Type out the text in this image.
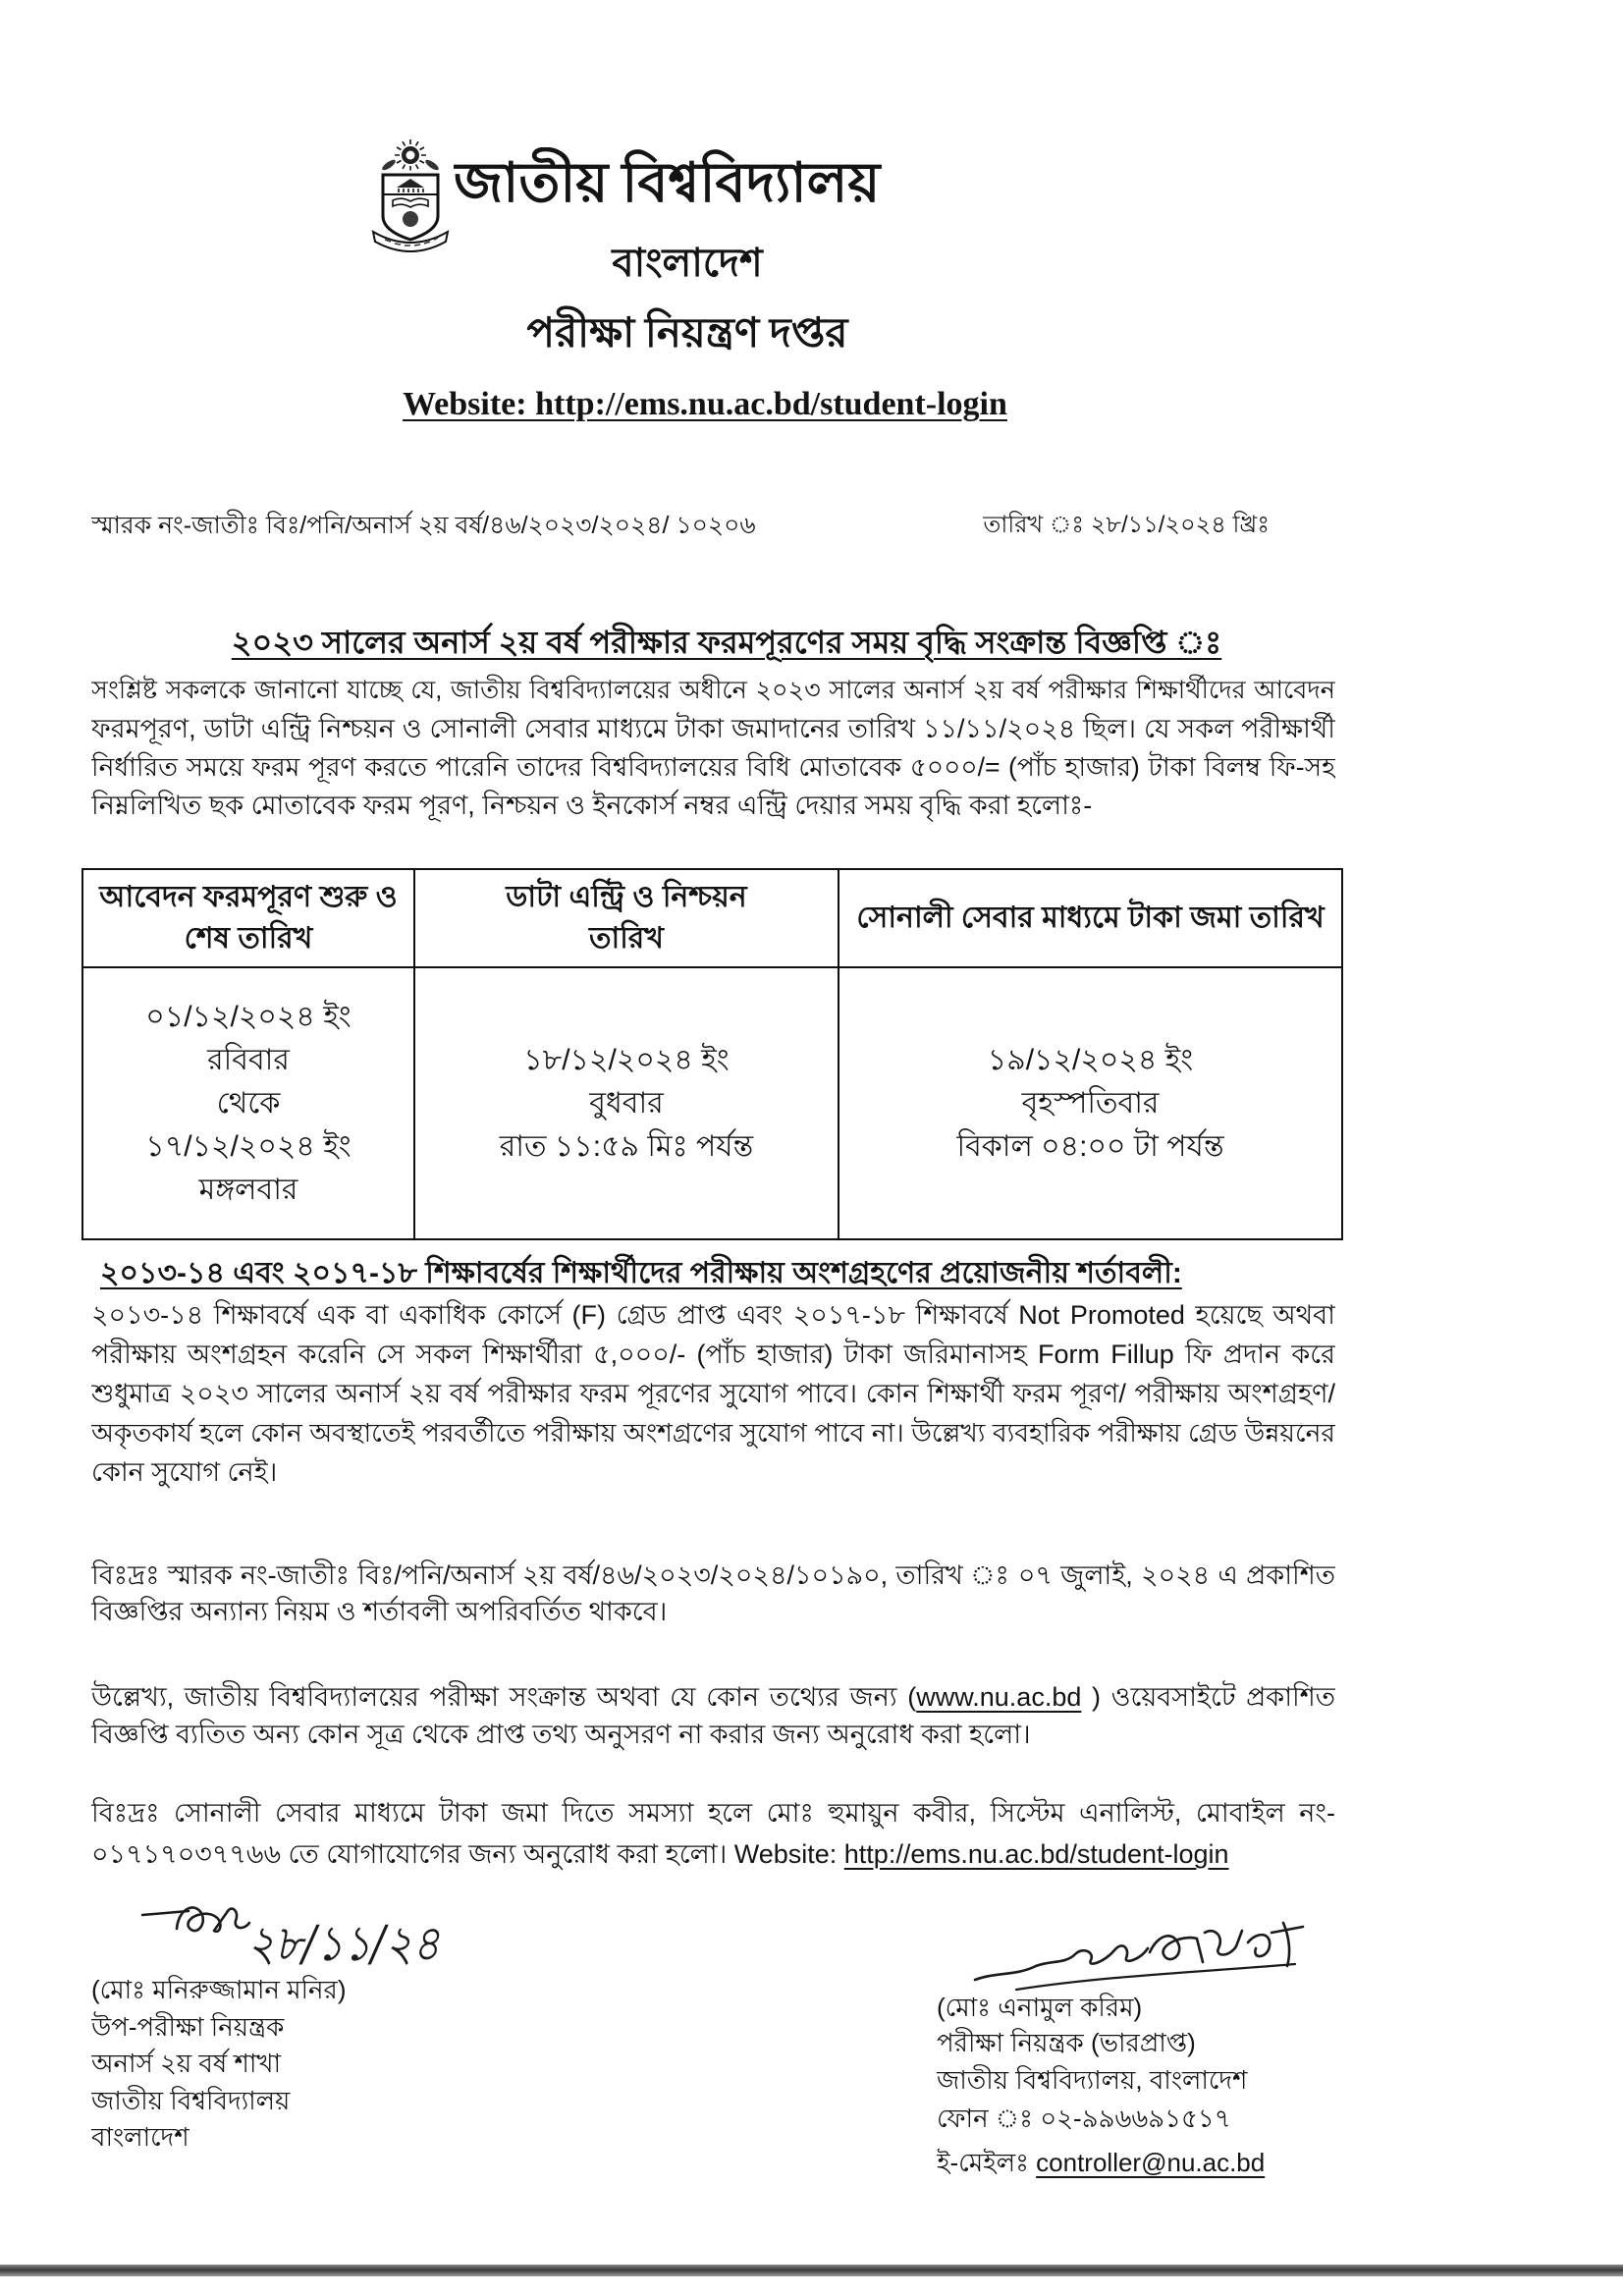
জাতীয় বিশ্ববিদ্যালয়
বাংলাদেশ
পরীক্ষা নিয়ন্ত্রণ দপ্তর
Website: http://ems.nu.ac.bd/student-login
স্মারক নং-জাতীঃ বিঃ/পনি/অনার্স ২য় বর্ষ/৪৬/২০২৩/২০২৪/ ১০২০৬	তারিখ ঃ ২৮/১১/২০২৪ খ্রিঃ
২০২৩ সালের অনার্স ২য় বর্ষ পরীক্ষার ফরমপূরণের সময় বৃদ্ধি সংক্রান্ত বিজ্ঞপ্তি ঃ
সংশ্লিষ্ট সকলকে জানানো যাচ্ছে যে, জাতীয় বিশ্ববিদ্যালয়ের অধীনে ২০২৩ সালের অনার্স ২য় বর্ষ পরীক্ষার শিক্ষার্থীদের আবেদন
ফরমপূরণ, ডাটা এন্ট্রি নিশ্চয়ন ও সোনালী সেবার মাধ্যমে টাকা জমাদানের তারিখ ১১/১১/২০২৪ ছিল। যে সকল পরীক্ষার্থী
নির্ধারিত সময়ে ফরম পূরণ করতে পারেনি তাদের বিশ্ববিদ্যালয়ের বিধি মোতাবেক ৫০০০/= (পাঁচ হাজার) টাকা বিলম্ব ফি-সহ
নিম্নলিখিত ছক মোতাবেক ফরম পূরণ, নিশ্চয়ন ও ইনকোর্স নম্বর এন্ট্রি দেয়ার সময় বৃদ্ধি করা হলোঃ-
আবেদন ফরমপূরণ শুরু ও
শেষ তারিখ
ডাটা এন্ট্রি ও নিশ্চয়ন
তারিখ
সোনালী সেবার মাধ্যমে টাকা জমা তারিখ
০১/১২/২০২৪ ইং
রবিবার
থেকে
১৭/১২/২০২৪ ইং
মঙ্গলবার
১৮/১২/২০২৪ ইং
বুধবার
রাত ১১:৫৯ মিঃ পর্যন্ত
১৯/১২/২০২৪ ইং
বৃহস্পতিবার
বিকাল ০৪:০০ টা পর্যন্ত
২০১৩-১৪ এবং ২০১৭-১৮ শিক্ষাবর্ষের শিক্ষার্থীদের পরীক্ষায় অংশগ্রহণের প্রয়োজনীয় শর্তাবলী:
২০১৩-১৪ শিক্ষাবর্ষে এক বা একাধিক কোর্সে (F) গ্রেড প্রাপ্ত এবং ২০১৭-১৮ শিক্ষাবর্ষে Not Promoted হয়েছে অথবা
পরীক্ষায় অংশগ্রহন করেনি সে সকল শিক্ষার্থীরা ৫,০০০/- (পাঁচ হাজার) টাকা জরিমানাসহ Form Fillup ফি প্রদান করে
শুধুমাত্র ২০২৩ সালের অনার্স ২য় বর্ষ পরীক্ষার ফরম পূরণের সুযোগ পাবে। কোন শিক্ষার্থী ফরম পূরণ/ পরীক্ষায় অংশগ্রহণ/
অকৃতকার্য হলে কোন অবস্থাতেই পরবর্তীতে পরীক্ষায় অংশগ্রণের সুযোগ পাবে না। উল্লেখ্য ব্যবহারিক পরীক্ষায় গ্রেড উন্নয়নের
কোন সুযোগ নেই।
বিঃদ্রঃ স্মারক নং-জাতীঃ বিঃ/পনি/অনার্স ২য় বর্ষ/৪৬/২০২৩/২০২৪/১০১৯০, তারিখ ঃ ০৭ জুলাই, ২০২৪ এ প্রকাশিত
বিজ্ঞপ্তির অন্যান্য নিয়ম ও শর্তাবলী অপরিবর্তিত থাকবে।
উল্লেখ্য, জাতীয় বিশ্ববিদ্যালয়ের পরীক্ষা সংক্রান্ত অথবা যে কোন তথ্যের জন্য (www.nu.ac.bd ) ওয়েবসাইটে প্রকাশিত
বিজ্ঞপ্তি ব্যতিত অন্য কোন সূত্র থেকে প্রাপ্ত তথ্য অনুসরণ না করার জন্য অনুরোধ করা হলো।
বিঃদ্রঃ সোনালী সেবার মাধ্যমে টাকা জমা দিতে সমস্যা হলে মোঃ হুমায়ুন কবীর, সিস্টেম এনালিস্ট, মোবাইল নং-
০১৭১৭০৩৭৭৬৬ তে যোগাযোগের জন্য অনুরোধ করা হলো। Website: http://ems.nu.ac.bd/student-login
২৮/১১/২৪
(মোঃ মনিরুজ্জামান মনির)
উপ-পরীক্ষা নিয়ন্ত্রক
অনার্স ২য় বর্ষ শাখা
জাতীয় বিশ্ববিদ্যালয়
বাংলাদেশ
(মোঃ এনামুল করিম)
পরীক্ষা নিয়ন্ত্রক (ভারপ্রাপ্ত)
জাতীয় বিশ্ববিদ্যালয়, বাংলাদেশ
ফোন ঃ ০২-৯৯৬৬৯১৫১৭
ই-মেইলঃ controller@nu.ac.bd
